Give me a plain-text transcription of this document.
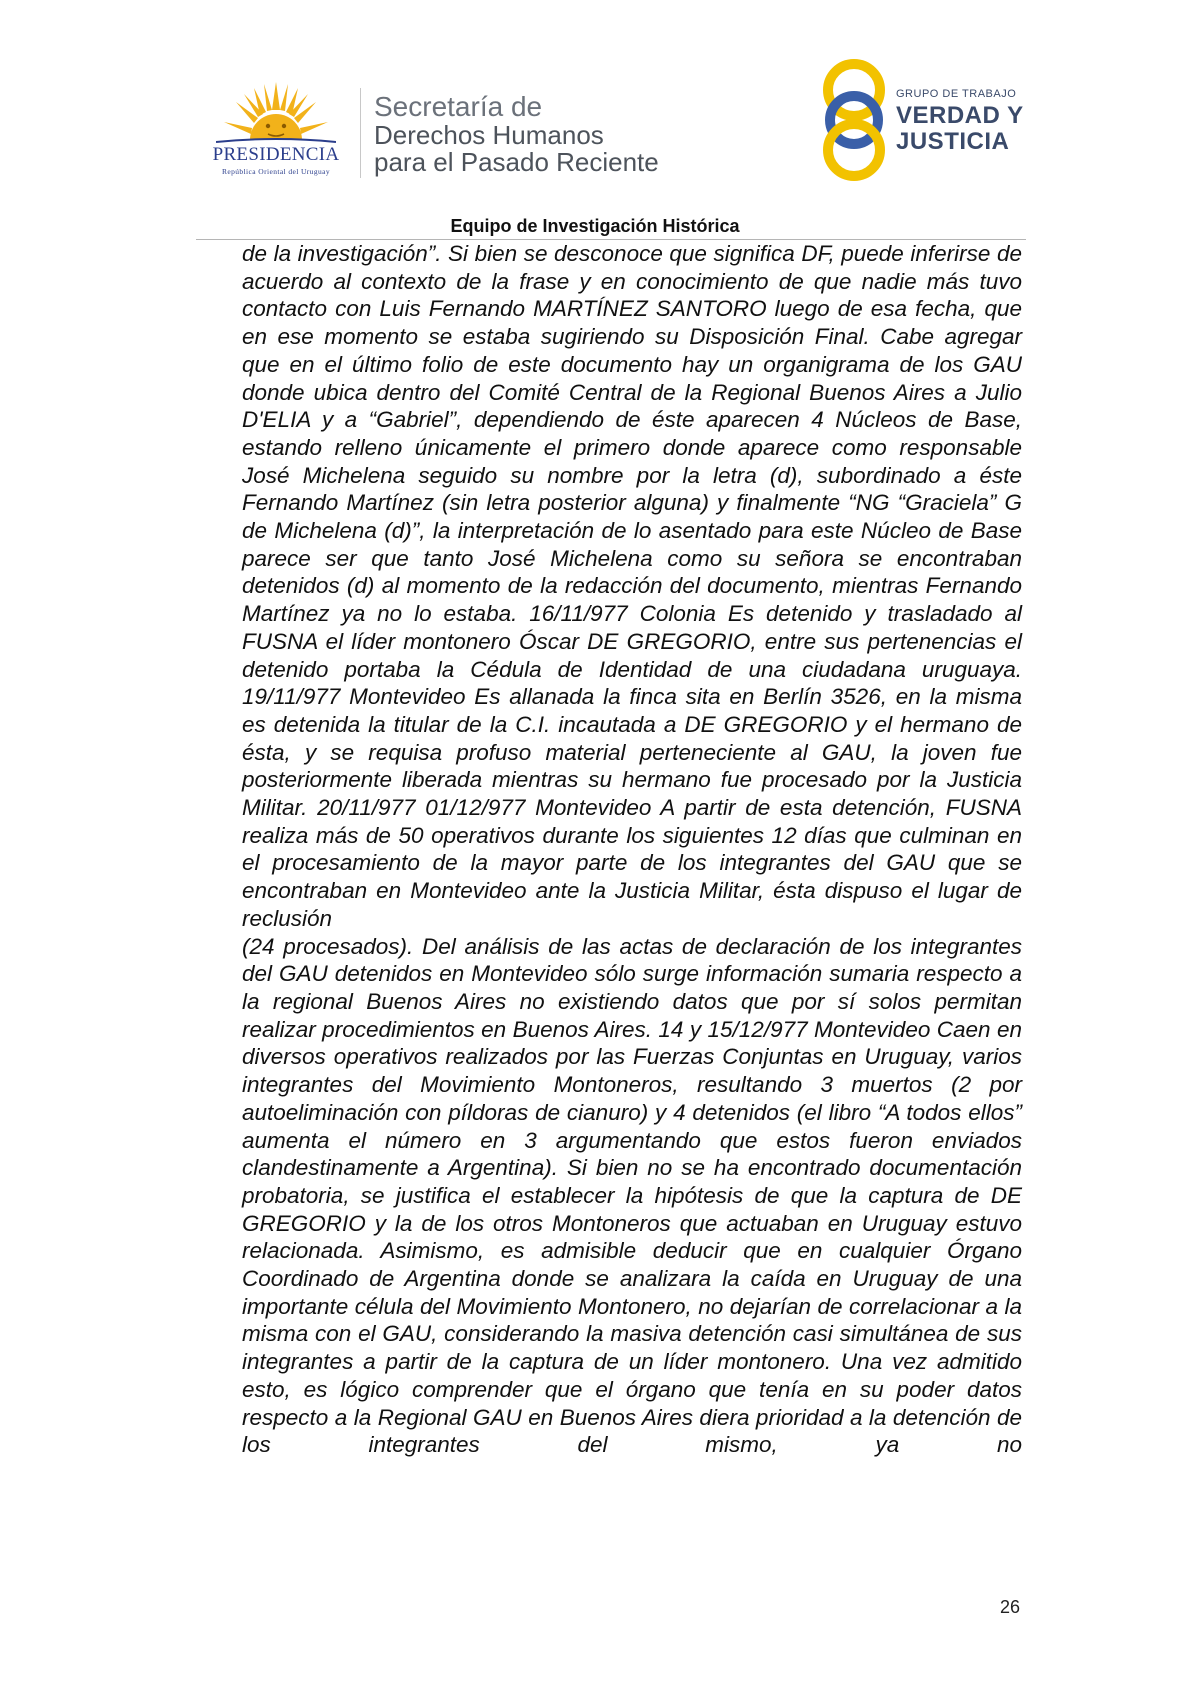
PRESIDENCIA
República Oriental del Uruguay
Secretaría de
Derechos Humanos
para el Pasado Reciente
GRUPO DE TRABAJO
VERDAD Y
JUSTICIA
Equipo de Investigación Histórica

de la investigación”. Si bien se desconoce que significa DF, puede inferirse de acuerdo al contexto de la frase y en conocimiento de que nadie más tuvo contacto con Luis Fernando MARTÍNEZ SANTORO luego de esa fecha, que en ese momento se estaba sugiriendo su Disposición Final. Cabe agregar que en el último folio de este documento hay un organigrama de los GAU donde ubica dentro del Comité Central de la Regional Buenos Aires a Julio D'ELIA y a “Gabriel”, dependiendo de éste aparecen 4 Núcleos de Base, estando relleno únicamente el primero donde aparece como responsable José Michelena seguido su nombre por la letra (d), subordinado a éste Fernando Martínez (sin letra posterior alguna) y finalmente “NG “Graciela” G de Michelena (d)”, la interpretación de lo asentado para este Núcleo de Base parece ser que tanto José Michelena como su señora se encontraban detenidos (d) al momento de la redacción del documento, mientras Fernando Martínez ya no lo estaba. 16/11/977 Colonia Es detenido y trasladado al FUSNA el líder montonero Óscar DE GREGORIO, entre sus pertenencias el detenido portaba la Cédula de Identidad de una ciudadana uruguaya. 19/11/977 Montevideo Es allanada la finca sita en Berlín 3526, en la misma es detenida la titular de la C.I. incautada a DE GREGORIO y el hermano de ésta, y se requisa profuso material perteneciente al GAU, la joven fue posteriormente liberada mientras su hermano fue procesado por la Justicia Militar. 20/11/977 01/12/977 Montevideo A partir de esta detención, FUSNA realiza más de 50 operativos durante los siguientes 12 días que culminan en el procesamiento de la mayor parte de los integrantes del GAU que se encontraban en Montevideo ante la Justicia Militar, ésta dispuso el lugar de reclusión

(24 procesados). Del análisis de las actas de declaración de los integrantes del GAU detenidos en Montevideo sólo surge información sumaria respecto a la regional Buenos Aires no existiendo datos que por sí solos permitan realizar procedimientos en Buenos Aires. 14 y 15/12/977 Montevideo Caen en diversos operativos realizados por las Fuerzas Conjuntas en Uruguay, varios integrantes del Movimiento Montoneros, resultando 3 muertos (2 por autoeliminación con píldoras de cianuro) y 4 detenidos (el libro “A todos ellos” aumenta el número en 3 argumentando que estos fueron enviados clandestinamente a Argentina). Si bien no se ha encontrado documentación probatoria, se justifica el establecer la hipótesis de que la captura de DE GREGORIO y la de los otros Montoneros que actuaban en Uruguay estuvo relacionada. Asimismo, es admisible deducir que en cualquier Órgano Coordinado de Argentina donde se analizara la caída en Uruguay de una importante célula del Movimiento Montonero, no dejarían de correlacionar a la misma con el GAU, considerando la masiva detención casi simultánea de sus integrantes a partir de la captura de un líder montonero. Una vez admitido esto, es lógico comprender que el órgano que tenía en su poder datos respecto a la Regional GAU en Buenos Aires diera prioridad a la detención de los integrantes del mismo, ya no

26
